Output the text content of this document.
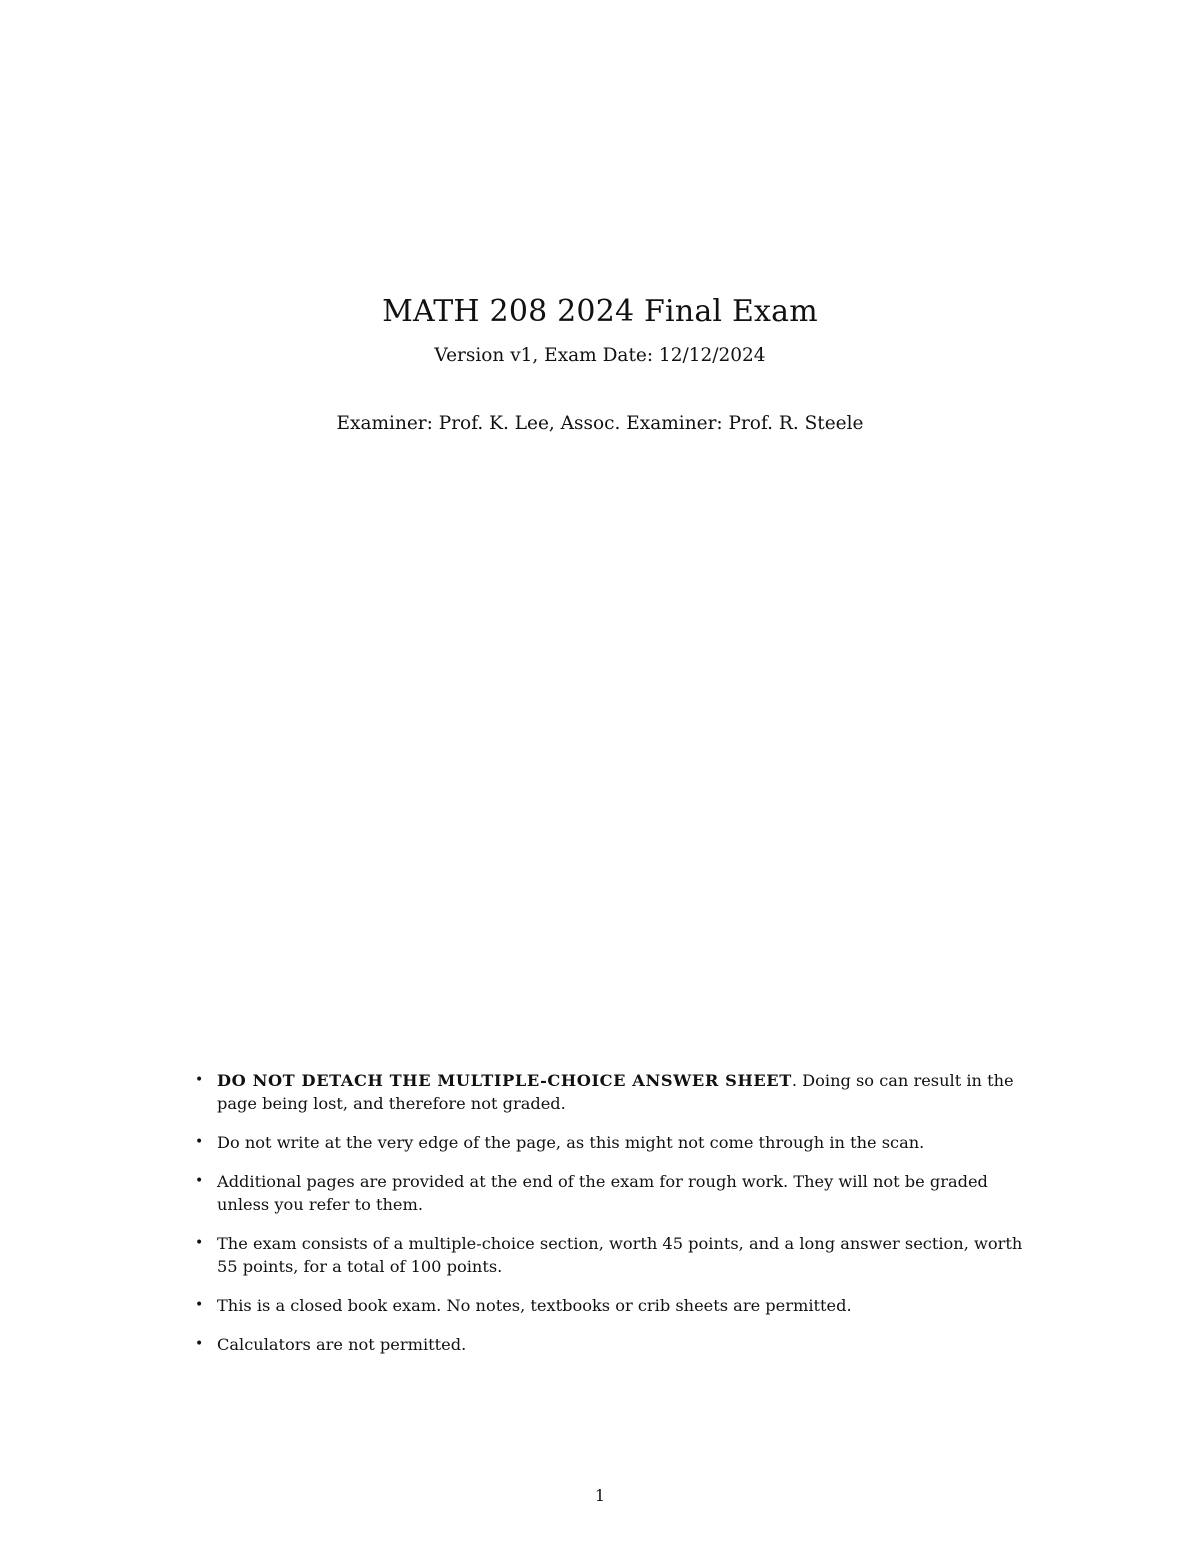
MATH 208 2024 Final Exam
Version v1, Exam Date: 12/12/2024
Examiner: Prof. K. Lee, Assoc. Examiner: Prof. R. Steele
• DO NOT DETACH THE MULTIPLE-CHOICE ANSWER SHEET. Doing so can result in the page being lost, and therefore not graded.
• Do not write at the very edge of the page, as this might not come through in the scan.
• Additional pages are provided at the end of the exam for rough work. They will not be graded unless you refer to them.
• The exam consists of a multiple-choice section, worth 45 points, and a long answer section, worth 55 points, for a total of 100 points.
• This is a closed book exam. No notes, textbooks or crib sheets are permitted.
• Calculators are not permitted.
1
